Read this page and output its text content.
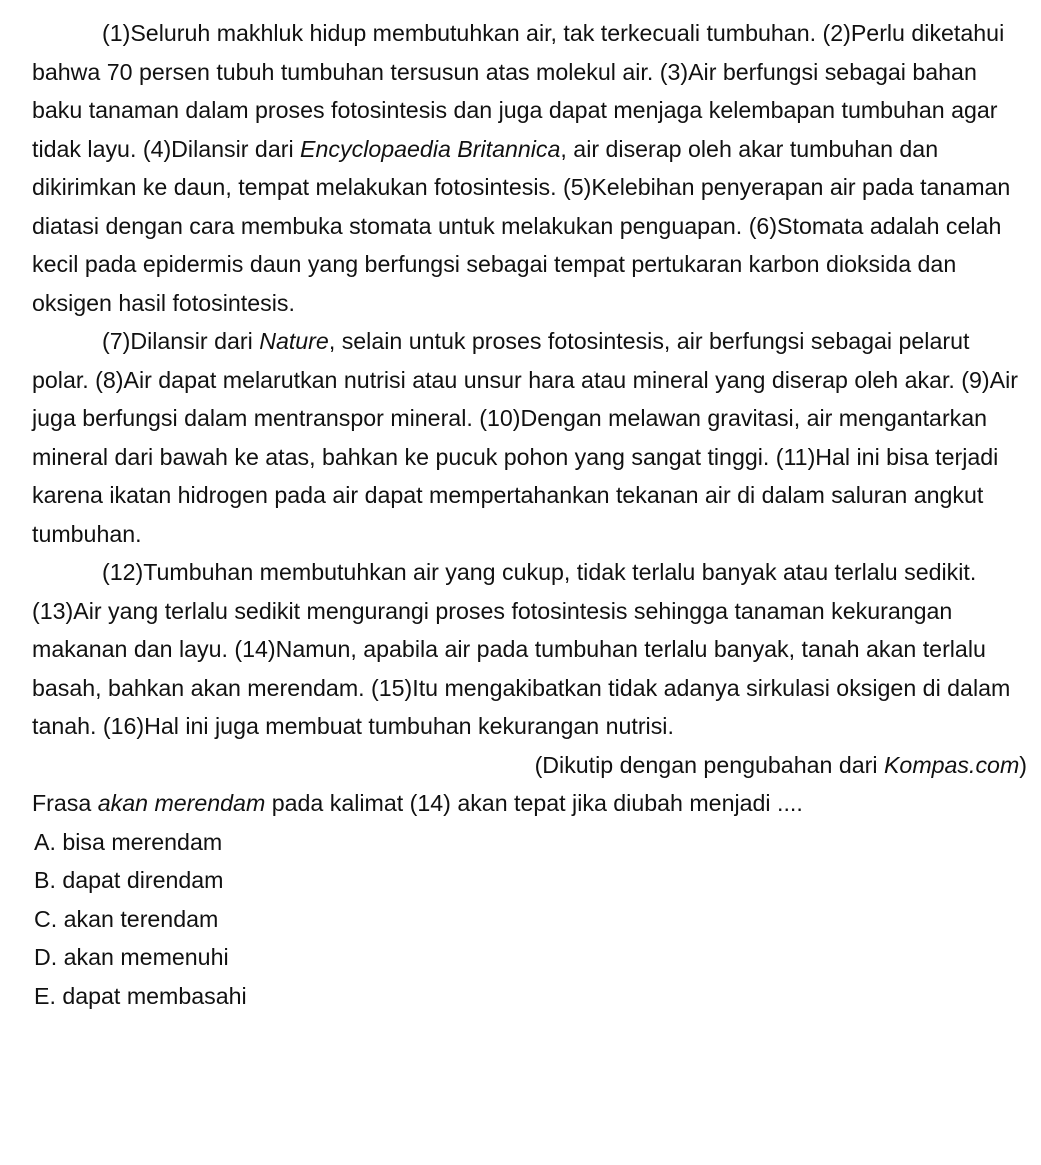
(1)Seluruh makhluk hidup membutuhkan air, tak terkecuali tumbuhan. (2)Perlu diketahui bahwa 70 persen tubuh tumbuhan tersusun atas molekul air. (3)Air berfungsi sebagai bahan baku tanaman dalam proses fotosintesis dan juga dapat menjaga kelembapan tumbuhan agar tidak layu. (4)Dilansir dari Encyclopaedia Britannica, air diserap oleh akar tumbuhan dan dikirimkan ke daun, tempat melakukan fotosintesis. (5)Kelebihan penyerapan air pada tanaman diatasi dengan cara membuka stomata untuk melakukan penguapan. (6)Stomata adalah celah kecil pada epidermis daun yang berfungsi sebagai tempat pertukaran karbon dioksida dan oksigen hasil fotosintesis.

(7)Dilansir dari Nature, selain untuk proses fotosintesis, air berfungsi sebagai pelarut polar. (8)Air dapat melarutkan nutrisi atau unsur hara atau mineral yang diserap oleh akar. (9)Air juga berfungsi dalam mentranspor mineral. (10)Dengan melawan gravitasi, air mengantarkan mineral dari bawah ke atas, bahkan ke pucuk pohon yang sangat tinggi. (11)Hal ini bisa terjadi karena ikatan hidrogen pada air dapat mempertahankan tekanan air di dalam saluran angkut tumbuhan.

(12)Tumbuhan membutuhkan air yang cukup, tidak terlalu banyak atau terlalu sedikit. (13)Air yang terlalu sedikit mengurangi proses fotosintesis sehingga tanaman kekurangan makanan dan layu. (14)Namun, apabila air pada tumbuhan terlalu banyak, tanah akan terlalu basah, bahkan akan merendam. (15)Itu mengakibatkan tidak adanya sirkulasi oksigen di dalam tanah. (16)Hal ini juga membuat tumbuhan kekurangan nutrisi.

(Dikutip dengan pengubahan dari Kompas.com)

Frasa akan merendam pada kalimat (14) akan tepat jika diubah menjadi ....

A. bisa merendam
B. dapat direndam
C. akan terendam
D. akan memenuhi
E. dapat membasahi
